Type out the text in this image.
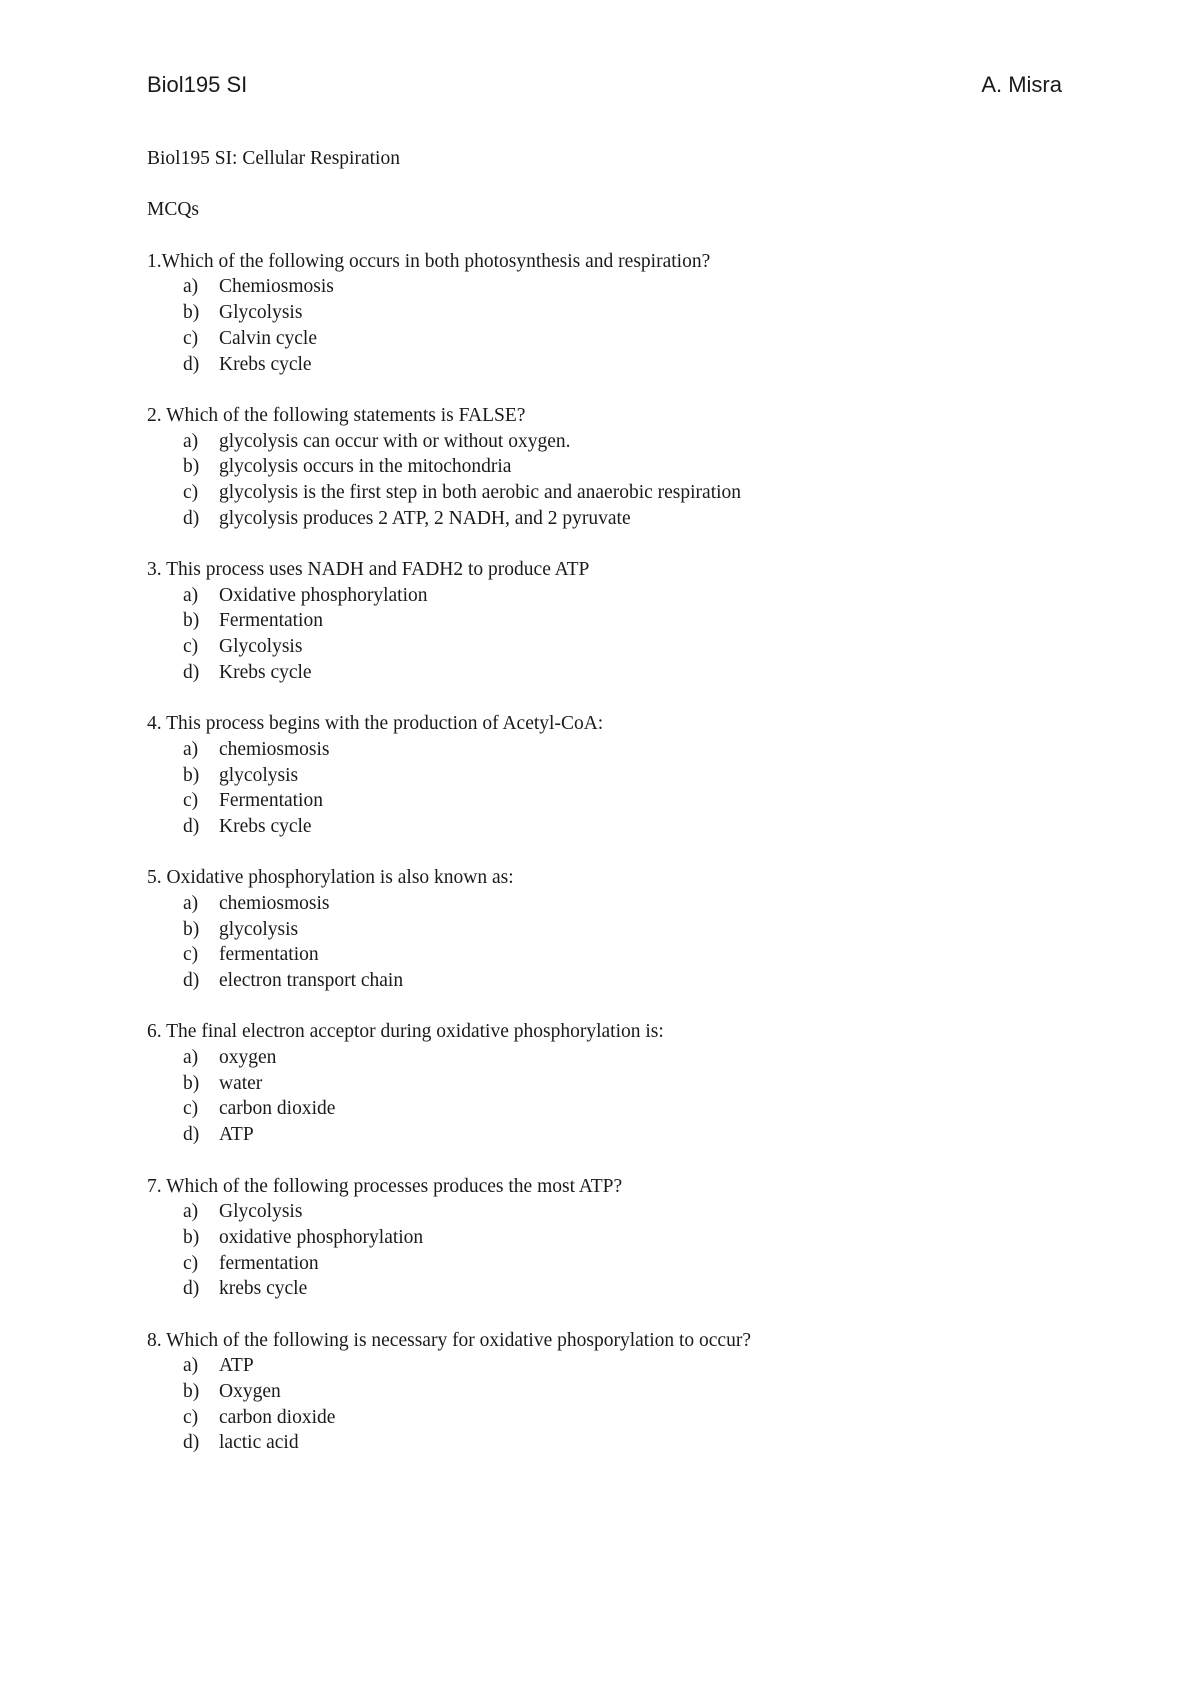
Biol195 SI	A. Misra
Biol195 SI: Cellular Respiration
MCQs
1.Which of the following occurs in both photosynthesis and respiration?
a) Chemiosmosis
b) Glycolysis
c) Calvin cycle
d) Krebs cycle
2. Which of the following statements is FALSE?
a) glycolysis can occur with or without oxygen.
b) glycolysis occurs in the mitochondria
c) glycolysis is the first step in both aerobic and anaerobic respiration
d) glycolysis produces 2 ATP, 2 NADH, and 2 pyruvate
3. This process uses NADH and FADH2 to produce ATP
a) Oxidative phosphorylation
b) Fermentation
c) Glycolysis
d) Krebs cycle
4. This process begins with the production of Acetyl-CoA:
a) chemiosmosis
b) glycolysis
c) Fermentation
d) Krebs cycle
5. Oxidative phosphorylation is also known as:
a) chemiosmosis
b) glycolysis
c) fermentation
d) electron transport chain
6. The final electron acceptor during oxidative phosphorylation is:
a) oxygen
b) water
c) carbon dioxide
d) ATP
7. Which of the following processes produces the most ATP?
a) Glycolysis
b) oxidative phosphorylation
c) fermentation
d) krebs cycle
8. Which of the following is necessary for oxidative phosporylation to occur?
a) ATP
b) Oxygen
c) carbon dioxide
d) lactic acid
